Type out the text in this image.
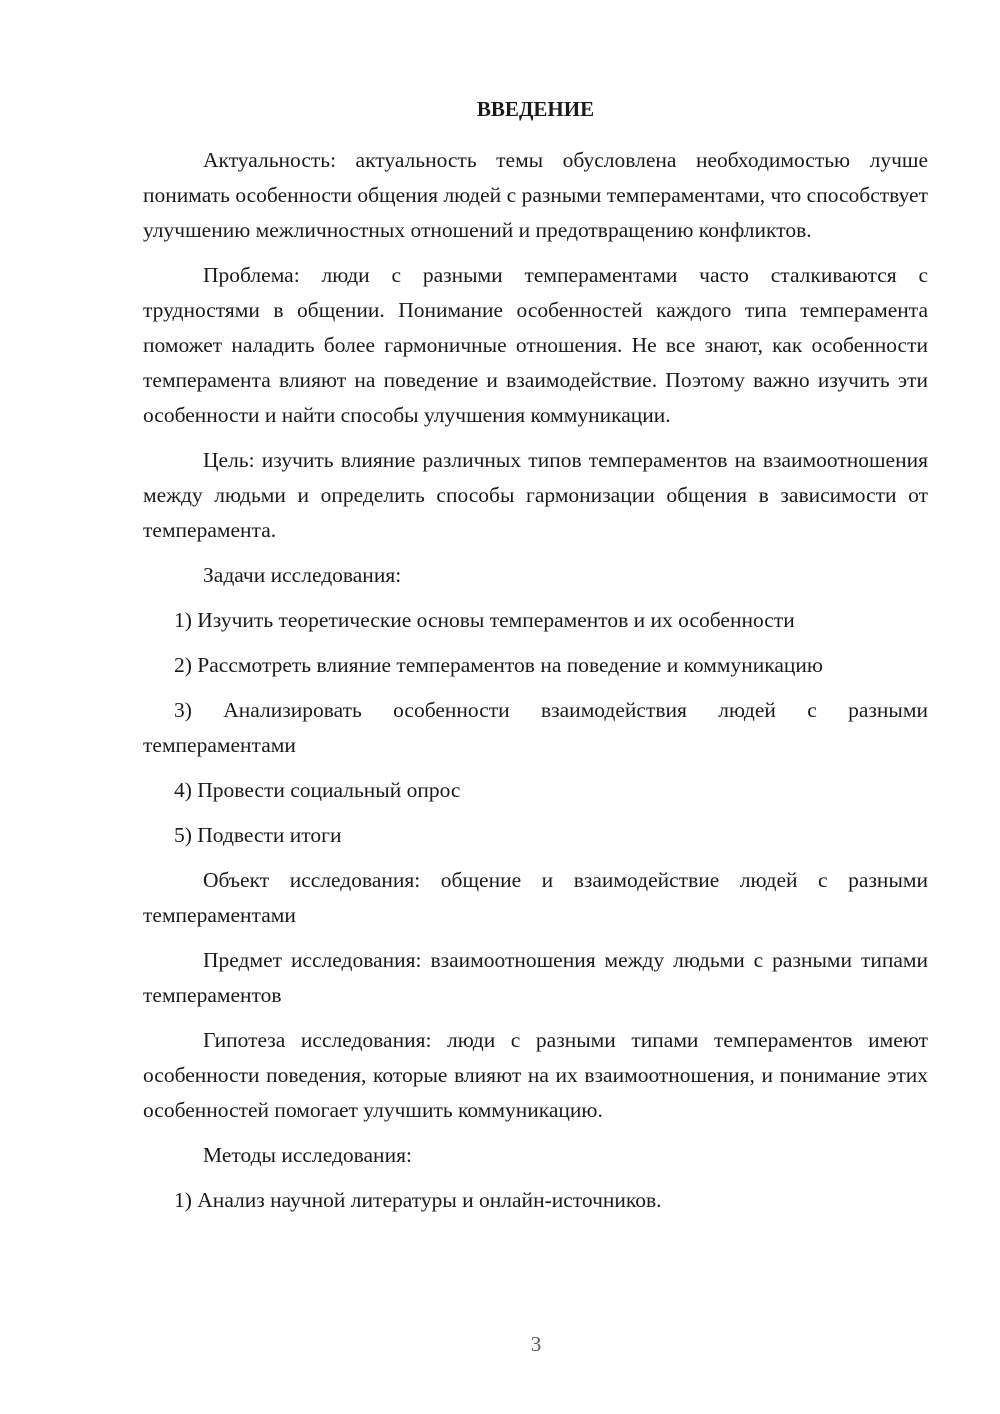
ВВЕДЕНИЕ

Актуальность: актуальность темы обусловлена необходимостью лучше понимать особенности общения людей с разными темпераментами, что способствует улучшению межличностных отношений и предотвращению конфликтов.

Проблема: люди с разными темпераментами часто сталкиваются с трудностями в общении. Понимание особенностей каждого типа темперамента поможет наладить более гармоничные отношения. Не все знают, как особенности темперамента влияют на поведение и взаимодействие. Поэтому важно изучить эти особенности и найти способы улучшения коммуникации.

Цель: изучить влияние различных типов темпераментов на взаимоотношения между людьми и определить способы гармонизации общения в зависимости от темперамента.

Задачи исследования:

1) Изучить теоретические основы темпераментов и их особенности

2) Рассмотреть влияние темпераментов на поведение и коммуникацию

3) Анализировать особенности взаимодействия людей с разными темпераментами

4) Провести социальный опрос

5) Подвести итоги

Объект исследования: общение и взаимодействие людей с разными темпераментами

Предмет исследования: взаимоотношения между людьми с разными типами темпераментов

Гипотеза исследования: люди с разными типами темпераментов имеют особенности поведения, которые влияют на их взаимоотношения, и понимание этих особенностей помогает улучшить коммуникацию.

Методы исследования:

1) Анализ научной литературы и онлайн-источников.

3
